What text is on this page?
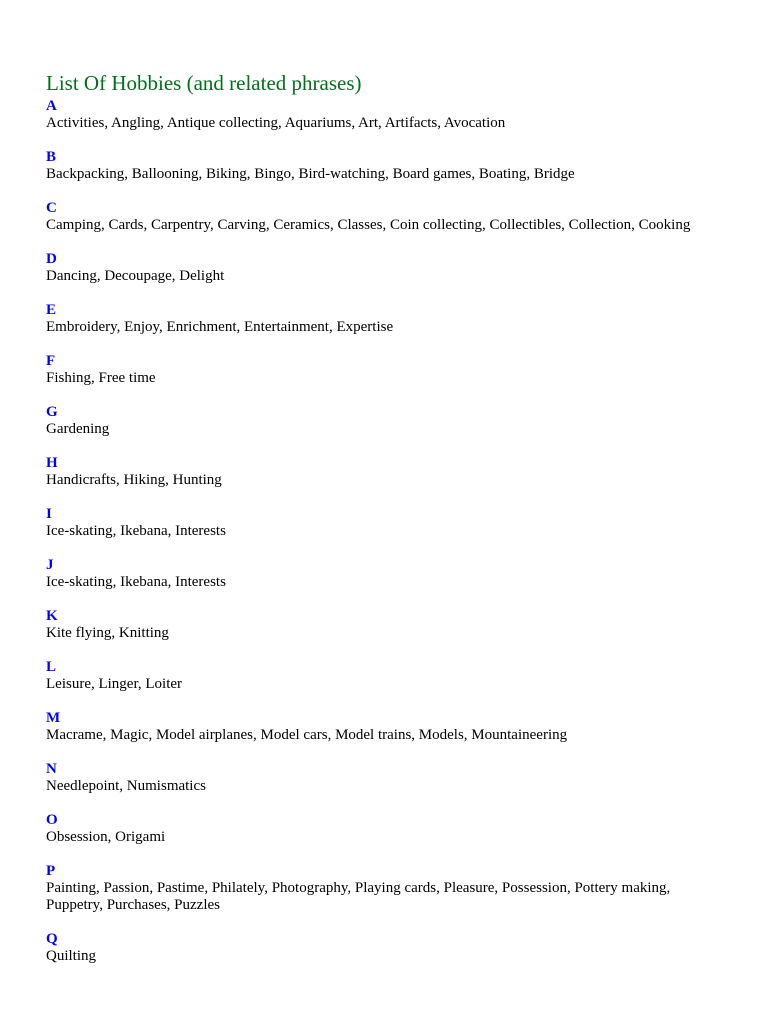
List Of Hobbies (and related phrases)
A
Activities, Angling, Antique collecting, Aquariums, Art, Artifacts, Avocation
B
Backpacking, Ballooning, Biking, Bingo, Bird-watching, Board games, Boating, Bridge
C
Camping, Cards, Carpentry, Carving, Ceramics, Classes, Coin collecting, Collectibles, Collection, Cooking
D
Dancing, Decoupage, Delight
E
Embroidery, Enjoy, Enrichment, Entertainment, Expertise
F
Fishing, Free time
G
Gardening
H
Handicrafts, Hiking, Hunting
I
Ice-skating, Ikebana, Interests
J
Ice-skating, Ikebana, Interests
K
Kite flying, Knitting
L
Leisure, Linger, Loiter
M
Macrame, Magic, Model airplanes, Model cars, Model trains, Models, Mountaineering
N
Needlepoint, Numismatics
O
Obsession, Origami
P
Painting, Passion, Pastime, Philately, Photography, Playing cards, Pleasure, Possession, Pottery making,
Puppetry, Purchases, Puzzles
Q
Quilting
